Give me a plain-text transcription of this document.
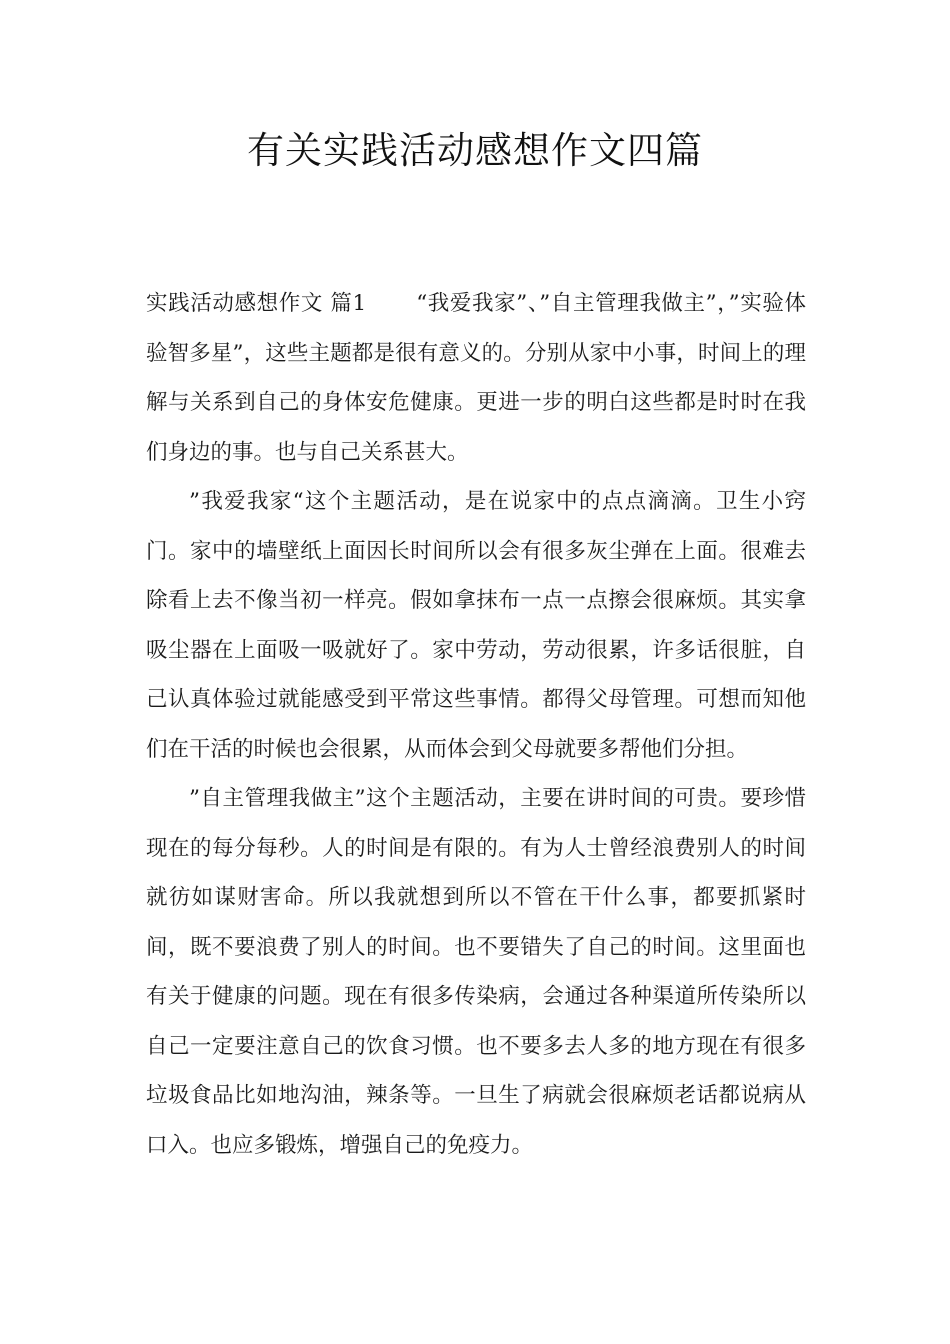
有关实践活动感想作文四篇

实践活动感想作文 篇1 “我爱我家”、”自主管理我做主”，”实验体验智多星”，这些主题都是很有意义的。分别从家中小事，时间上的理解与关系到自己的身体安危健康。更进一步的明白这些都是时时在我们身边的事。也与自己关系甚大。

”我爱我家“这个主题活动，是在说家中的点点滴滴。卫生小窍门。家中的墙壁纸上面因长时间所以会有很多灰尘弹在上面。很难去除看上去不像当初一样亮。假如拿抹布一点一点擦会很麻烦。其实拿吸尘器在上面吸一吸就好了。家中劳动，劳动很累，许多话很脏，自己认真体验过就能感受到平常这些事情。都得父母管理。可想而知他们在干活的时候也会很累，从而体会到父母就要多帮他们分担。

”自主管理我做主”这个主题活动，主要在讲时间的可贵。要珍惜现在的每分每秒。人的时间是有限的。有为人士曾经浪费别人的时间就彷如谋财害命。所以我就想到所以不管在干什么事，都要抓紧时间，既不要浪费了别人的时间。也不要错失了自己的时间。这里面也有关于健康的问题。现在有很多传染病，会通过各种渠道所传染所以自己一定要注意自己的饮食习惯。也不要多去人多的地方现在有很多垃圾食品比如地沟油，辣条等。一旦生了病就会很麻烦老话都说病从口入。也应多锻炼，增强自己的免疫力。
